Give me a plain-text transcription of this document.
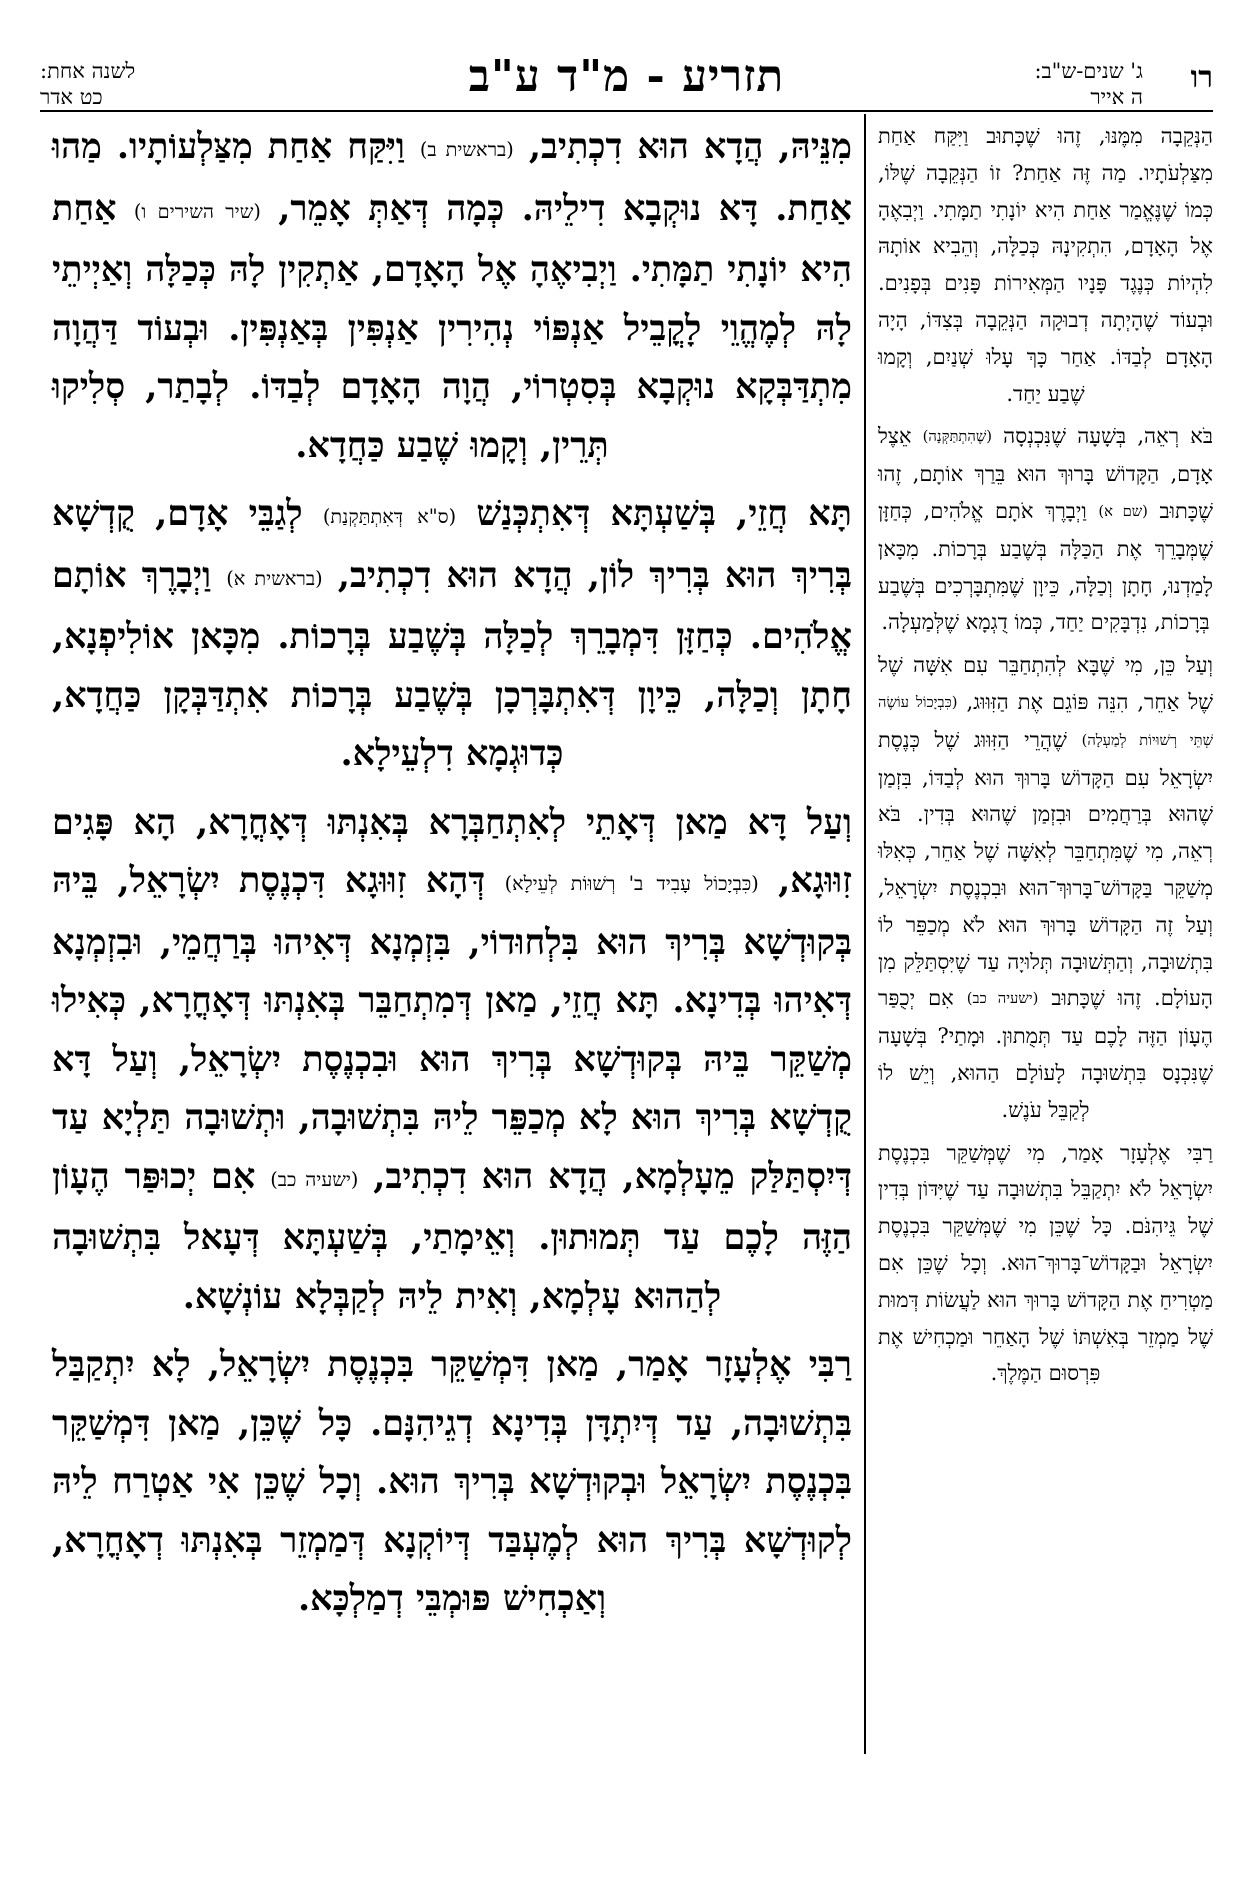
לשנה אחת:
כט אדר	תזריע - מ"ד ע"ב	ג' שנים-ש"ב:
ה אייר
רו

מִנֵּיהּ, הֲדָא הוּא דִכְתִיב, (בראשית ב) וַיִּקַּח אַחַת מִצַּלְעוֹתָיו. מַהוּ אַחַת. דָּא נוּקְבָא דִילֵיהּ. כְּמָה דְּאַתְּ אָמֵר, (שיר השירים ו) אַחַת הִיא יוֹנָתִי תַמָּתִי. וַיְבִיאֶהָ אֶל הָאָדָם, אַתְקִין לָהּ כְּכַלָּה וְאַיְיתֵי לָהּ לְמֶהֱוֵי לָקֳבֵיל אַנְפּוֹי נְהִירִין אַנְפִּין בְּאַנְפִּין. וּבְעוֹד דַּהֲוָה מִתְדַּבְּקָא נוּקְבָא בְּסִטְרוֹי, הֲוָה הָאָדָם לְבַדּוֹ. לְבָתַר, סְלִיקוּ תְּרֵין, וְקָמוּ שֶׁבַע כַּחֲדָא.

תָּא חֲזֵי, בְּשַׁעְתָּא דְּאִתְכְּנַשׁ (ס"א דְּאִתְתַּקְנַת) לְגַבֵּי אָדָם, קֻדְשָׁא בְּרִיךְ הוּא בְּרִיךְ לוֹן, הֲדָא הוּא דִכְתִיב, (בראשית א) וַיְבָרֶךְ אוֹתָם אֱלֹהִים. כְּחַזָּן דִּמְבָרֵךְ לְכַלָּה בְּשֶׁבַע בְּרָכוֹת. מִכָּאן אוֹלִיפְנָא, חָתָן וְכַלָּה, כֵּיוָן דְּאִתְבָּרְכָן בְּשֶׁבַע בְּרָכוֹת אִתְדַּבְּקָן כַּחֲדָא, כְּדוּגְמָא דִלְעֵילָא.

וְעַל דָּא מַאן דְּאָתֵי לְאִתְחַבְּרָא בְּאִנְתּוּ דְּאָחֳרָא, הָא פָּגִים זִוּוּגָא, (כִּבְיָכוֹל עָבִיד ב' רְשׁוּוֹת לְעֵילָא) דְּהָא זִוּוּגָא דִּכְנֶסֶת יִשְׂרָאֵל, בֵּיהּ בְּקוּדְשָׁא בְּרִיךְ הוּא בִּלְחוּדוֹי, בִּזְמְנָא דְּאִיהוּ בְּרַחֲמֵי, וּבִזְמְנָא דְּאִיהוּ בְּדִינָא. תָּא חֲזֵי, מַאן דְּמִתְחַבֵּר בְּאִנְתּוּ דְּאָחֳרָא, כְּאִילוּ מְשַׁקֵּר בֵּיהּ בְּקוּדְשָׁא בְּרִיךְ הוּא וּבִכְנֶסֶת יִשְׂרָאֵל, וְעַל דָּא קֻדְשָׁא בְּרִיךְ הוּא לָא מְכַפֵּר לֵיהּ בִּתְשׁוּבָה, וּתְשׁוּבָה תַּלְיָא עַד דְּיִסְתַּלַּק מֵעָלְמָא, הֲדָא הוּא דִכְתִיב, (ישעיה כב) אִם יְכוּפַּר הֶעָוֹן הַזֶּה לָכֶם עַד תְּמוּתוּן. וְאֵימָתַי, בְּשַׁעְתָּא דְּעָאל בִּתְשׁוּבָה לְהַהוּא עָלְמָא, וְאִית לֵיהּ לְקַבְּלָא עוֹנְשָׁא.

רַבִּי אֶלְעָזָר אָמַר, מַאן דִּמְשַׁקֵּר בִּכְנֶסֶת יִשְׂרָאֵל, לָא יִתְקַבַּל בִּתְשׁוּבָה, עַד דְּיִתְדָּן בְּדִינָא דְגֵיהִנָּם. כָּל שֶׁכֵּן, מַאן דִּמְשַׁקֵּר בִּכְנֶסֶת יִשְׂרָאֵל וּבְקוּדְשָׁא בְּרִיךְ הוּא. וְכָל שֶׁכֵּן אִי אַטְרַח לֵיהּ לְקוּדְשָׁא בְּרִיךְ הוּא לְמֶעְבַּד דְּיוֹקְנָא דְּמַמְזֵר בְּאִנְתּוּ דְאָחֳרָא, וְאַכְחִישׁ פּוּמְבֵּי דְמַלְכָּא.

הַנְּקֵבָה מִמֶּנּוּ, זֶהוּ שֶׁכָּתוּב וַיִּקַּח אַחַת מִצַּלְעֹתָיו. מַה זֶּה אַחַת? זוֹ הַנְּקֵבָה שֶׁלּוֹ, כְּמוֹ שֶׁנֶּאֱמַר אַחַת הִיא יוֹנָתִי תַמָּתִי. וַיְבִאֶהָ אֶל הָאָדָם, הִתְקִינָהּ כְּכַלָּה, וְהֵבִיא אוֹתָהּ לִהְיוֹת כְּנֶגֶד פָּנָיו הַמְּאִירוֹת פָּנִים בְּפָנִים. וּבְעוֹד שֶׁהָיְתָה דְבוּקָה הַנְּקֵבָה בְּצִדּוֹ, הָיָה הָאָדָם לְבַדּוֹ. אַחַר כָּךְ עָלוּ שְׁנַיִם, וְקָמוּ שֶׁבַע יַחַד.

בֹּא רְאֵה, בְּשָׁעָה שֶׁנִּכְנְסָה (שֶׁהִתְתַּקְּנָה) אֵצֶל אָדָם, הַקָּדוֹשׁ בָּרוּךְ הוּא בֵּרַךְ אוֹתָם, זֶהוּ שֶׁכָּתוּב (שם א) וַיְבָרֶךְ אֹתָם אֱלֹהִים, כְּחַזָּן שֶׁמְּבָרֵךְ אֶת הַכַּלָּה בְּשֶׁבַע בְּרָכוֹת. מִכָּאן לָמַדְנוּ, חָתָן וְכַלָּה, כֵּיוָן שֶׁמִּתְבָּרְכִים בְּשֶׁבַע בְּרָכוֹת, נִדְבָּקִים יַחַד, כְּמוֹ דֻגְמָא שֶׁלְּמַעְלָה.

וְעַל כֵּן, מִי שֶׁבָּא לְהִתְחַבֵּר עִם אִשָּׁה שֶׁל שֶׁל אַחֵר, הִנֵּה פּוֹגֵם אֶת הַזִּוּוּג, (כִּבְיָכוֹל עוֹשֶׂה שְׁתֵּי רְשׁוּיוֹת לְמַעְלָה) שֶׁהֲרֵי הַזִּוּוּג שֶׁל כְּנֶסֶת יִשְׂרָאֵל עִם הַקָּדוֹשׁ בָּרוּךְ הוּא לְבַדּוֹ, בִּזְמַן שֶׁהוּא בְּרַחֲמִים וּבִזְמַן שֶׁהוּא בְּדִין. בֹּא רְאֵה, מִי שֶׁמִּתְחַבֵּר לְאִשָּׁה שֶׁל אַחֵר, כְּאִלּוּ מְשַׁקֵּר בַּקָּדוֹשׁ־בָּרוּךְ־הוּא וּבִכְנֶסֶת יִשְׂרָאֵל, וְעַל זֶה הַקָּדוֹשׁ בָּרוּךְ הוּא לֹא מְכַפֵּר לוֹ בִּתְשׁוּבָה, וְהַתְּשׁוּבָה תְּלוּיָה עַד שֶׁיִּסְתַּלֵּק מִן הָעוֹלָם. זֶהוּ שֶׁכָּתוּב (ישעיה כב) אִם יְכֻפַּר הֶעָוֹן הַזֶּה לָכֶם עַד תְּמֻתוּן. וּמָתַי? בְּשָׁעָה שֶׁנִּכְנָס בִּתְשׁוּבָה לָעוֹלָם הַהוּא, וְיֵשׁ לוֹ לְקַבֵּל עֹנֶשׁ.

רַבִּי אֶלְעָזָר אָמַר, מִי שֶׁמְּשַׁקֵּר בִּכְנֶסֶת יִשְׂרָאֵל לֹא יִתְקַבֵּל בִּתְשׁוּבָה עַד שֶׁיִּדּוֹן בְּדִין שֶׁל גֵּיהִנֹּם. כָּל שֶׁכֵּן מִי שֶׁמְּשַׁקֵּר בִּכְנֶסֶת יִשְׂרָאֵל וּבַקָּדוֹשׁ־בָּרוּךְ־הוּא. וְכָל שֶׁכֵּן אִם מַטְרִיחַ אֶת הַקָּדוֹשׁ בָּרוּךְ הוּא לַעֲשׂוֹת דְּמוּת שֶׁל מַמְזֵר בְּאִשְׁתּוֹ שֶׁל הָאַחֵר וּמַכְחִישׁ אֶת פִּרְסוּם הַמֶּלֶךְ.
